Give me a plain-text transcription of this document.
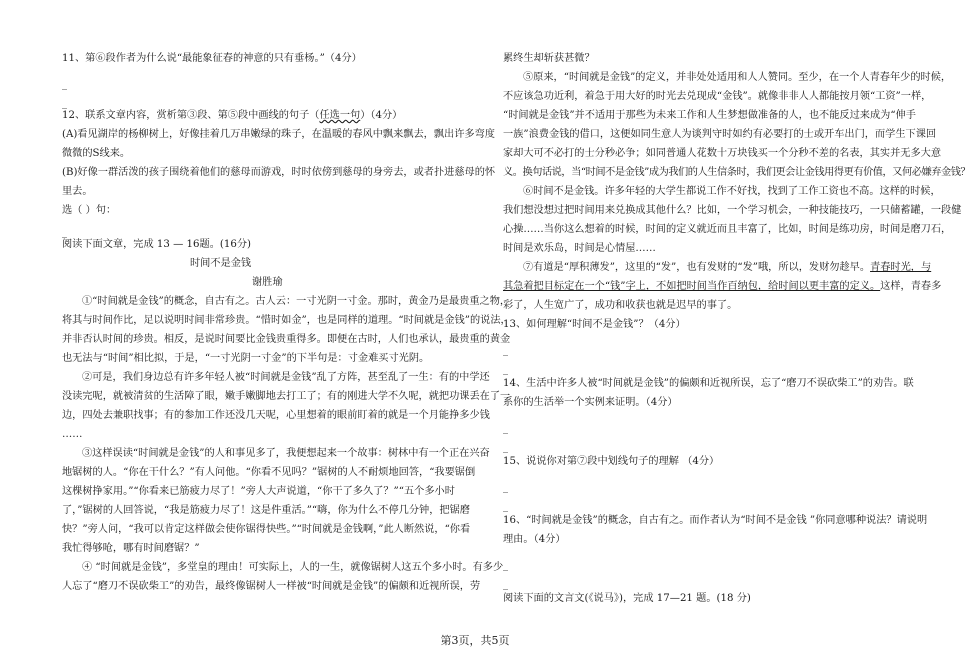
11、第⑥段作者为什么说“最能象征春的神意的只有垂杨。”（4分）
_
_
12、联系文章内容，赏析第③段、第⑤段中画线的句子（任选一句）（4分）
(A)看见湖岸的杨柳树上，好像挂着几万串嫩绿的珠子，在温暖的春风中飘来飘去，飘出许多弯度
微微的S线来。
(B)好像一群活泼的孩子围绕着他们的慈母而游戏，时时依傍到慈母的身旁去，或者扑进慈母的怀
里去。
选（ ）句：
_
阅读下面文章，完成 13 — 16题。(16分)
时间不是金钱
谢胜瑜
①“时间就是金钱”的概念，自古有之。古人云：一寸光阴一寸金。那时，黄金乃是最贵重之物，
将其与时间作比，足以说明时间非常珍贵。“惜时如金”，也是同样的道理。“时间就是金钱”的说法，
并非否认时间的珍贵。相反，是说时间要比金钱贵重得多。即便在古时，人们也承认，最贵重的黄金
也无法与“时间”相比拟，于是，“一寸光阴一寸金”的下半句是：寸金难买寸光阴。
②可是，我们身边总有许多年轻人被“时间就是金钱”乱了方阵，甚至乱了一生：有的中学还
没读完呢，就被清贫的生活障了眼，嫩手嫩脚地去打工了；有的刚进大学不久呢，就把功课丢在了一
边，四处去兼职找事；有的参加工作还没几天呢，心里想着的眼前盯着的就是一个月能挣多少钱
……
③这样误读“时间就是金钱”的人和事见多了，我便想起来一个故事：树林中有一个正在兴奋
地锯树的人。“你在干什么？”有人问他。“你看不见吗？”锯树的人不耐烦地回答，“我要锯倒
这棵树挣家用。”“你看来已筋疲力尽了！”旁人大声说道，“你干了多久了？”“五个多小时
了，”锯树的人回答说，“我是筋疲力尽了！这是件重活。”“嗨，你为什么不停几分钟，把锯磨
快？”旁人问，“我可以肯定这样做会使你锯得快些。”“时间就是金钱啊，”此人断然说，“你看
我忙得够呛，哪有时间磨锯？”
④ “时间就是金钱”，多堂皇的理由！可实际上，人的一生，就像锯树人这五个多小时。有多少
人忘了“磨刀不误砍柴工”的劝告，最终像锯树人一样被“时间就是金钱”的偏颇和近视所误，劳
累终生却斩获甚微？
⑤原来，“时间就是金钱”的定义，并非处处适用和人人赞同。至少，在一个人青春年少的时候，
不应该急功近利，着急于用大好的时光去兑现成“金钱”。就像非非人人都能按月领“工资”一样，
“时间就是金钱”并不适用于那些为未来工作和人生梦想做准备的人，也不能反过来成为“伸手
一族”浪费金钱的借口，这便如同生意人为谈判守时如约有必要打的士或开车出门，而学生下课回
家却大可不必打的士分秒必争；如同普通人花数十万块钱买一个分秒不差的名表，其实并无多大意
义。换句话说，当“时间不是金钱”成为我们的人生信条时，我们更会让金钱用得更有价值，又何必嫌弃金钱？
⑥时间不是金钱。许多年轻的大学生都说工作不好找，找到了工作工资也不高。这样的时候，
我们想没想过把时间用来兑换成其他什么？比如，一个学习机会，一种技能技巧，一只储蓄罐，一段健
心操……当你这么想着的时候，时间的定义就近而且丰富了，比如，时间是练功房，时间是磨刀石，
时间是欢乐岛，时间是心情屋……
⑦有道是“厚积薄发”，这里的“发”，也有发财的“发”哦，所以，发财勿趁早。青春时光，与
其急着把目标定在一个“钱”字上，不如把时间当作百纳包，给时间以更丰富的定义。这样，青春多
彩了，人生宽广了，成功和收获也就是迟早的事了。
13、如何理解“时间不是金钱”？（4分）
_
_
14、生活中许多人被“时间就是金钱”的偏颇和近视所误，忘了“磨刀不误砍柴工”的劝告。联
系你的生活举一个实例来证明。（4分）
_
_
15、说说你对第⑦段中划线句子的理解 （4分）
_
_
16、“时间就是金钱”的概念，自古有之。而作者认为“时间不是金钱 ”你同意哪种说法？请说明
理由。（4分）
_
_
阅读下面的文言文(《说马》)，完成 17—21 题。(18 分)
第3页，共5页
